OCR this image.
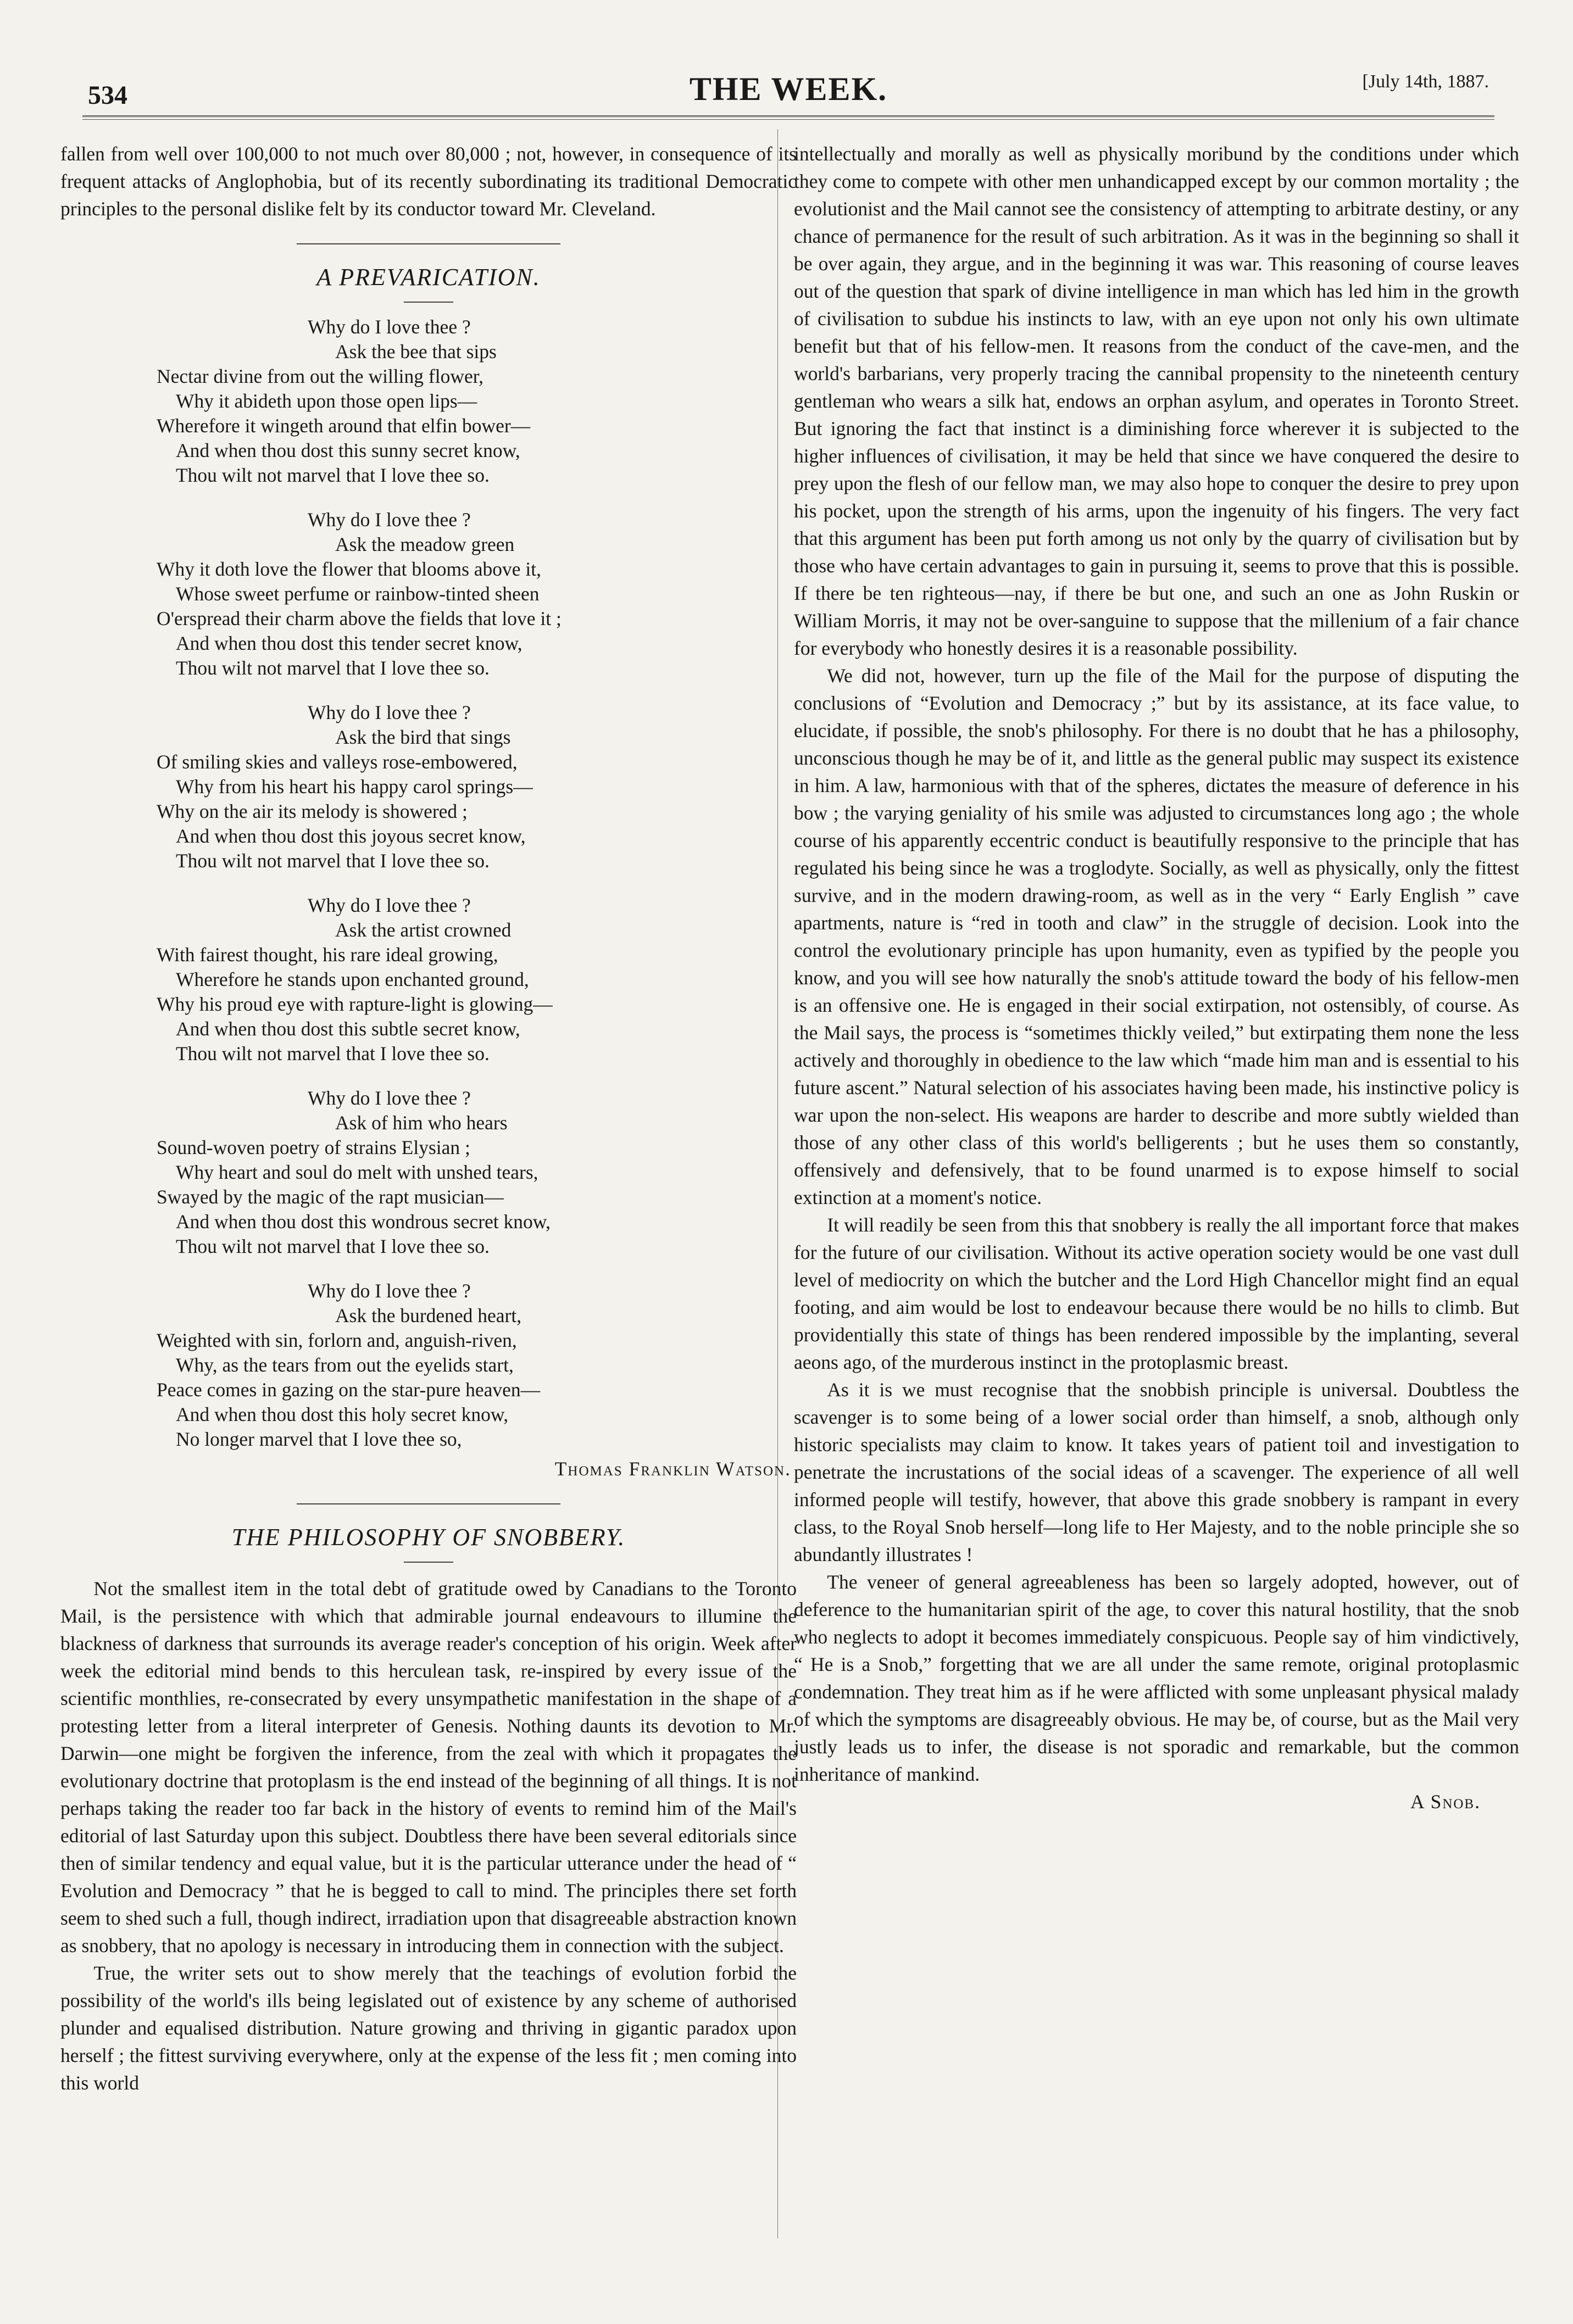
534	THE WEEK.	[July 14th, 1887.

fallen from well over 100,000 to not much over 80,000 ; not, however, in consequence of its frequent attacks of Anglophobia, but of its recently subordinating its traditional Democratic principles to the personal dislike felt by its conductor toward Mr. Cleveland.

A PREVARICATION.
Why do I love thee ?
Ask the bee that sips
Nectar divine from out the willing flower,
Why it abideth upon those open lips—
Wherefore it wingeth around that elfin bower—
And when thou dost this sunny secret know,
Thou wilt not marvel that I love thee so.
Why do I love thee ?
Ask the meadow green
Why it doth love the flower that blooms above it,
Whose sweet perfume or rainbow-tinted sheen
O'erspread their charm above the fields that love it ;
And when thou dost this tender secret know,
Thou wilt not marvel that I love thee so.
Why do I love thee ?
Ask the bird that sings
Of smiling skies and valleys rose-embowered,
Why from his heart his happy carol springs—
Why on the air its melody is showered ;
And when thou dost this joyous secret know,
Thou wilt not marvel that I love thee so.
Why do I love thee ?
Ask the artist crowned
With fairest thought, his rare ideal growing,
Wherefore he stands upon enchanted ground,
Why his proud eye with rapture-light is glowing—
And when thou dost this subtle secret know,
Thou wilt not marvel that I love thee so.
Why do I love thee ?
Ask of him who hears
Sound-woven poetry of strains Elysian ;
Why heart and soul do melt with unshed tears,
Swayed by the magic of the rapt musician—
And when thou dost this wondrous secret know,
Thou wilt not marvel that I love thee so.
Why do I love thee ?
Ask the burdened heart,
Weighted with sin, forlorn and, anguish-riven,
Why, as the tears from out the eyelids start,
Peace comes in gazing on the star-pure heaven—
And when thou dost this holy secret know,
No longer marvel that I love thee so,
Thomas Franklin Watson.
THE PHILOSOPHY OF SNOBBERY.

Not the smallest item in the total debt of gratitude owed by Canadians to the Toronto Mail, is the persistence with which that admirable journal endeavours to illumine the blackness of darkness that surrounds its average reader's conception of his origin. Week after week the editorial mind bends to this herculean task, re-inspired by every issue of the scientific monthlies, re-consecrated by every unsympathetic manifestation in the shape of a protesting letter from a literal interpreter of Genesis. Nothing daunts its devotion to Mr. Darwin—one might be forgiven the inference, from the zeal with which it propagates the evolutionary doctrine that protoplasm is the end instead of the beginning of all things. It is not perhaps taking the reader too far back in the history of events to remind him of the Mail's editorial of last Saturday upon this subject. Doubtless there have been several editorials since then of similar tendency and equal value, but it is the particular utterance under the head of “ Evolution and Democracy ” that he is begged to call to mind. The principles there set forth seem to shed such a full, though indirect, irradiation upon that disagreeable abstraction known as snobbery, that no apology is necessary in introducing them in connection with the subject.

True, the writer sets out to show merely that the teachings of evolution forbid the possibility of the world's ills being legislated out of existence by any scheme of authorised plunder and equalised distribution. Nature growing and thriving in gigantic paradox upon herself ; the fittest surviving everywhere, only at the expense of the less fit ; men coming into this world

intellectually and morally as well as physically moribund by the conditions under which they come to compete with other men unhandicapped except by our common mortality ; the evolutionist and the Mail cannot see the consistency of attempting to arbitrate destiny, or any chance of permanence for the result of such arbitration. As it was in the beginning so shall it be over again, they argue, and in the beginning it was war. This reasoning of course leaves out of the question that spark of divine intelligence in man which has led him in the growth of civilisation to subdue his instincts to law, with an eye upon not only his own ultimate benefit but that of his fellow-men. It reasons from the conduct of the cave-men, and the world's barbarians, very properly tracing the cannibal propensity to the nineteenth century gentleman who wears a silk hat, endows an orphan asylum, and operates in Toronto Street. But ignoring the fact that instinct is a diminishing force wherever it is subjected to the higher influences of civilisation, it may be held that since we have conquered the desire to prey upon the flesh of our fellow man, we may also hope to conquer the desire to prey upon his pocket, upon the strength of his arms, upon the ingenuity of his fingers. The very fact that this argument has been put forth among us not only by the quarry of civilisation but by those who have certain advantages to gain in pursuing it, seems to prove that this is possible. If there be ten righteous—nay, if there be but one, and such an one as John Ruskin or William Morris, it may not be over-sanguine to suppose that the millenium of a fair chance for everybody who honestly desires it is a reasonable possibility.

We did not, however, turn up the file of the Mail for the purpose of disputing the conclusions of “Evolution and Democracy ;” but by its assistance, at its face value, to elucidate, if possible, the snob's philosophy. For there is no doubt that he has a philosophy, unconscious though he may be of it, and little as the general public may suspect its existence in him. A law, harmonious with that of the spheres, dictates the measure of deference in his bow ; the varying geniality of his smile was adjusted to circumstances long ago ; the whole course of his apparently eccentric conduct is beautifully responsive to the principle that has regulated his being since he was a troglodyte. Socially, as well as physically, only the fittest survive, and in the modern drawing-room, as well as in the very “ Early English ” cave apartments, nature is “red in tooth and claw” in the struggle of decision. Look into the control the evolutionary principle has upon humanity, even as typified by the people you know, and you will see how naturally the snob's attitude toward the body of his fellow-men is an offensive one. He is engaged in their social extirpation, not ostensibly, of course. As the Mail says, the process is “sometimes thickly veiled,” but extirpating them none the less actively and thoroughly in obedience to the law which “made him man and is essential to his future ascent.” Natural selection of his associates having been made, his instinctive policy is war upon the non-select. His weapons are harder to describe and more subtly wielded than those of any other class of this world's belligerents ; but he uses them so constantly, offensively and defensively, that to be found unarmed is to expose himself to social extinction at a moment's notice.

It will readily be seen from this that snobbery is really the all important force that makes for the future of our civilisation. Without its active operation society would be one vast dull level of mediocrity on which the butcher and the Lord High Chancellor might find an equal footing, and aim would be lost to endeavour because there would be no hills to climb. But providentially this state of things has been rendered impossible by the implanting, several aeons ago, of the murderous instinct in the protoplasmic breast.

As it is we must recognise that the snobbish principle is universal. Doubtless the scavenger is to some being of a lower social order than himself, a snob, although only historic specialists may claim to know. It takes years of patient toil and investigation to penetrate the incrustations of the social ideas of a scavenger. The experience of all well informed people will testify, however, that above this grade snobbery is rampant in every class, to the Royal Snob herself—long life to Her Majesty, and to the noble principle she so abundantly illustrates !

The veneer of general agreeableness has been so largely adopted, however, out of deference to the humanitarian spirit of the age, to cover this natural hostility, that the snob who neglects to adopt it becomes immediately conspicuous. People say of him vindictively, “ He is a Snob,” forgetting that we are all under the same remote, original protoplasmic condemnation. They treat him as if he were afflicted with some unpleasant physical malady of which the symptoms are disagreeably obvious. He may be, of course, but as the Mail very justly leads us to infer, the disease is not sporadic and remarkable, but the common inheritance of mankind.

A Snob.
